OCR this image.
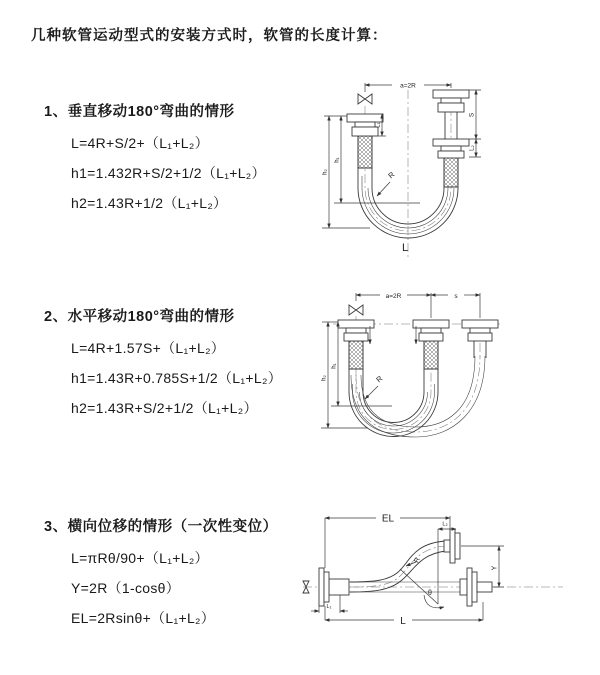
几种软管运动型式的安装方式时，软管的长度计算：
1、垂直移动180°弯曲的情形
L=4R+S/2+（L₁+L₂）
h1=1.432R+S/2+1/2（L₁+L₂）
h2=1.43R+1/2（L₁+L₂）
2、水平移动180°弯曲的情形
L=4R+1.57S+（L₁+L₂）
h1=1.43R+0.785S+1/2（L₁+L₂）
h2=1.43R+S/2+1/2（L₁+L₂）
3、横向位移的情形（一次性变位）
L=πRθ/90+（L₁+L₂）
Y=2R（1-cosθ）
EL=2Rsinθ+（L₁+L₂）
a=2R
L₁
S
L₂
h₁
h₂	R
L
a=2R	s
h₁
h₂	R
EL	L₂
Y
R
θ
L
L₁
